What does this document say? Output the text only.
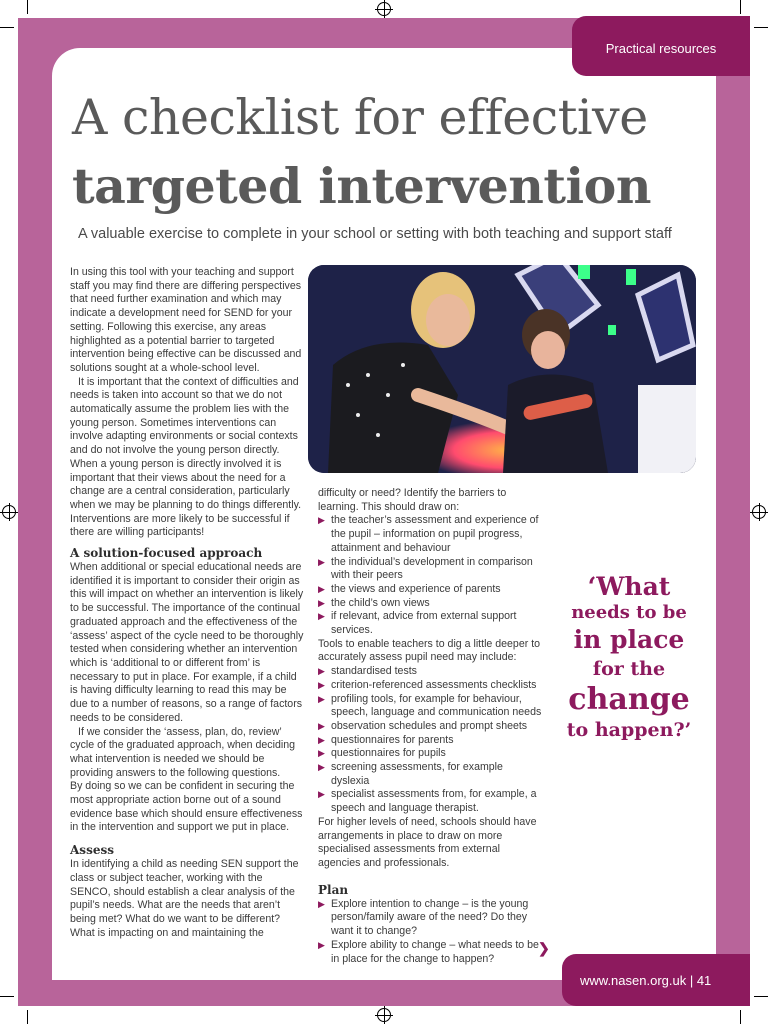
Practical resources
A checklist for effective
targeted intervention
A valuable exercise to complete in your school or setting with both teaching and support staff

In using this tool with your teaching and support staff you may find there are differing perspectives that need further examination and which may indicate a development need for SEND for your setting. Following this exercise, any areas highlighted as a potential barrier to targeted intervention being effective can be discussed and solutions sought at a whole-school level.

It is important that the context of difficulties and needs is taken into account so that we do not automatically assume the problem lies with the young person. Sometimes interventions can involve adapting environments or social contexts and do not involve the young person directly. When a young person is directly involved it is important that their views about the need for a change are a central consideration, particularly when we may be planning to do things differently. Interventions are more likely to be successful if there are willing participants!

A solution-focused approach

When additional or special educational needs are identified it is important to consider their origin as this will impact on whether an intervention is likely to be successful. The importance of the continual graduated approach and the effectiveness of the ‘assess’ aspect of the cycle need to be thoroughly tested when considering whether an intervention which is ‘additional to or different from’ is necessary to put in place. For example, if a child is having difficulty learning to read this may be due to a number of reasons, so a range of factors needs to be considered.

If we consider the ‘assess, plan, do, review’ cycle of the graduated approach, when deciding what intervention is needed we should be providing answers to the following questions.

By doing so we can be confident in securing the most appropriate action borne out of a sound evidence base which should ensure effectiveness in the intervention and support we put in place.

Assess

In identifying a child as needing SEN support the class or subject teacher, working with the SENCO, should establish a clear analysis of the pupil’s needs. What are the needs that aren’t being met? What do we want to be different? What is impacting on and maintaining the

difficulty or need? Identify the barriers to learning. This should draw on:

▶ the teacher’s assessment and experience of the pupil – information on pupil progress, attainment and behaviour
▶ the individual’s development in comparison with their peers
▶ the views and experience of parents
▶ the child’s own views
▶ if relevant, advice from external support services.

Tools to enable teachers to dig a little deeper to accurately assess pupil need may include:

▶ standardised tests
▶ criterion-referenced assessments checklists
▶ profiling tools, for example for behaviour, speech, language and communication needs
▶ observation schedules and prompt sheets
▶ questionnaires for parents
▶ questionnaires for pupils
▶ screening assessments, for example dyslexia
▶ specialist assessments from, for example, a speech and language therapist.

For higher levels of need, schools should have arrangements in place to draw on more specialised assessments from external agencies and professionals.

Plan
▶ Explore intention to change – is the young person/family aware of the need? Do they want it to change?
▶ Explore ability to change – what needs to be in place for the change to happen?
‘What
needs to be
in place
for the
change
to happen?’
❯
www.nasen.org.uk | 41
